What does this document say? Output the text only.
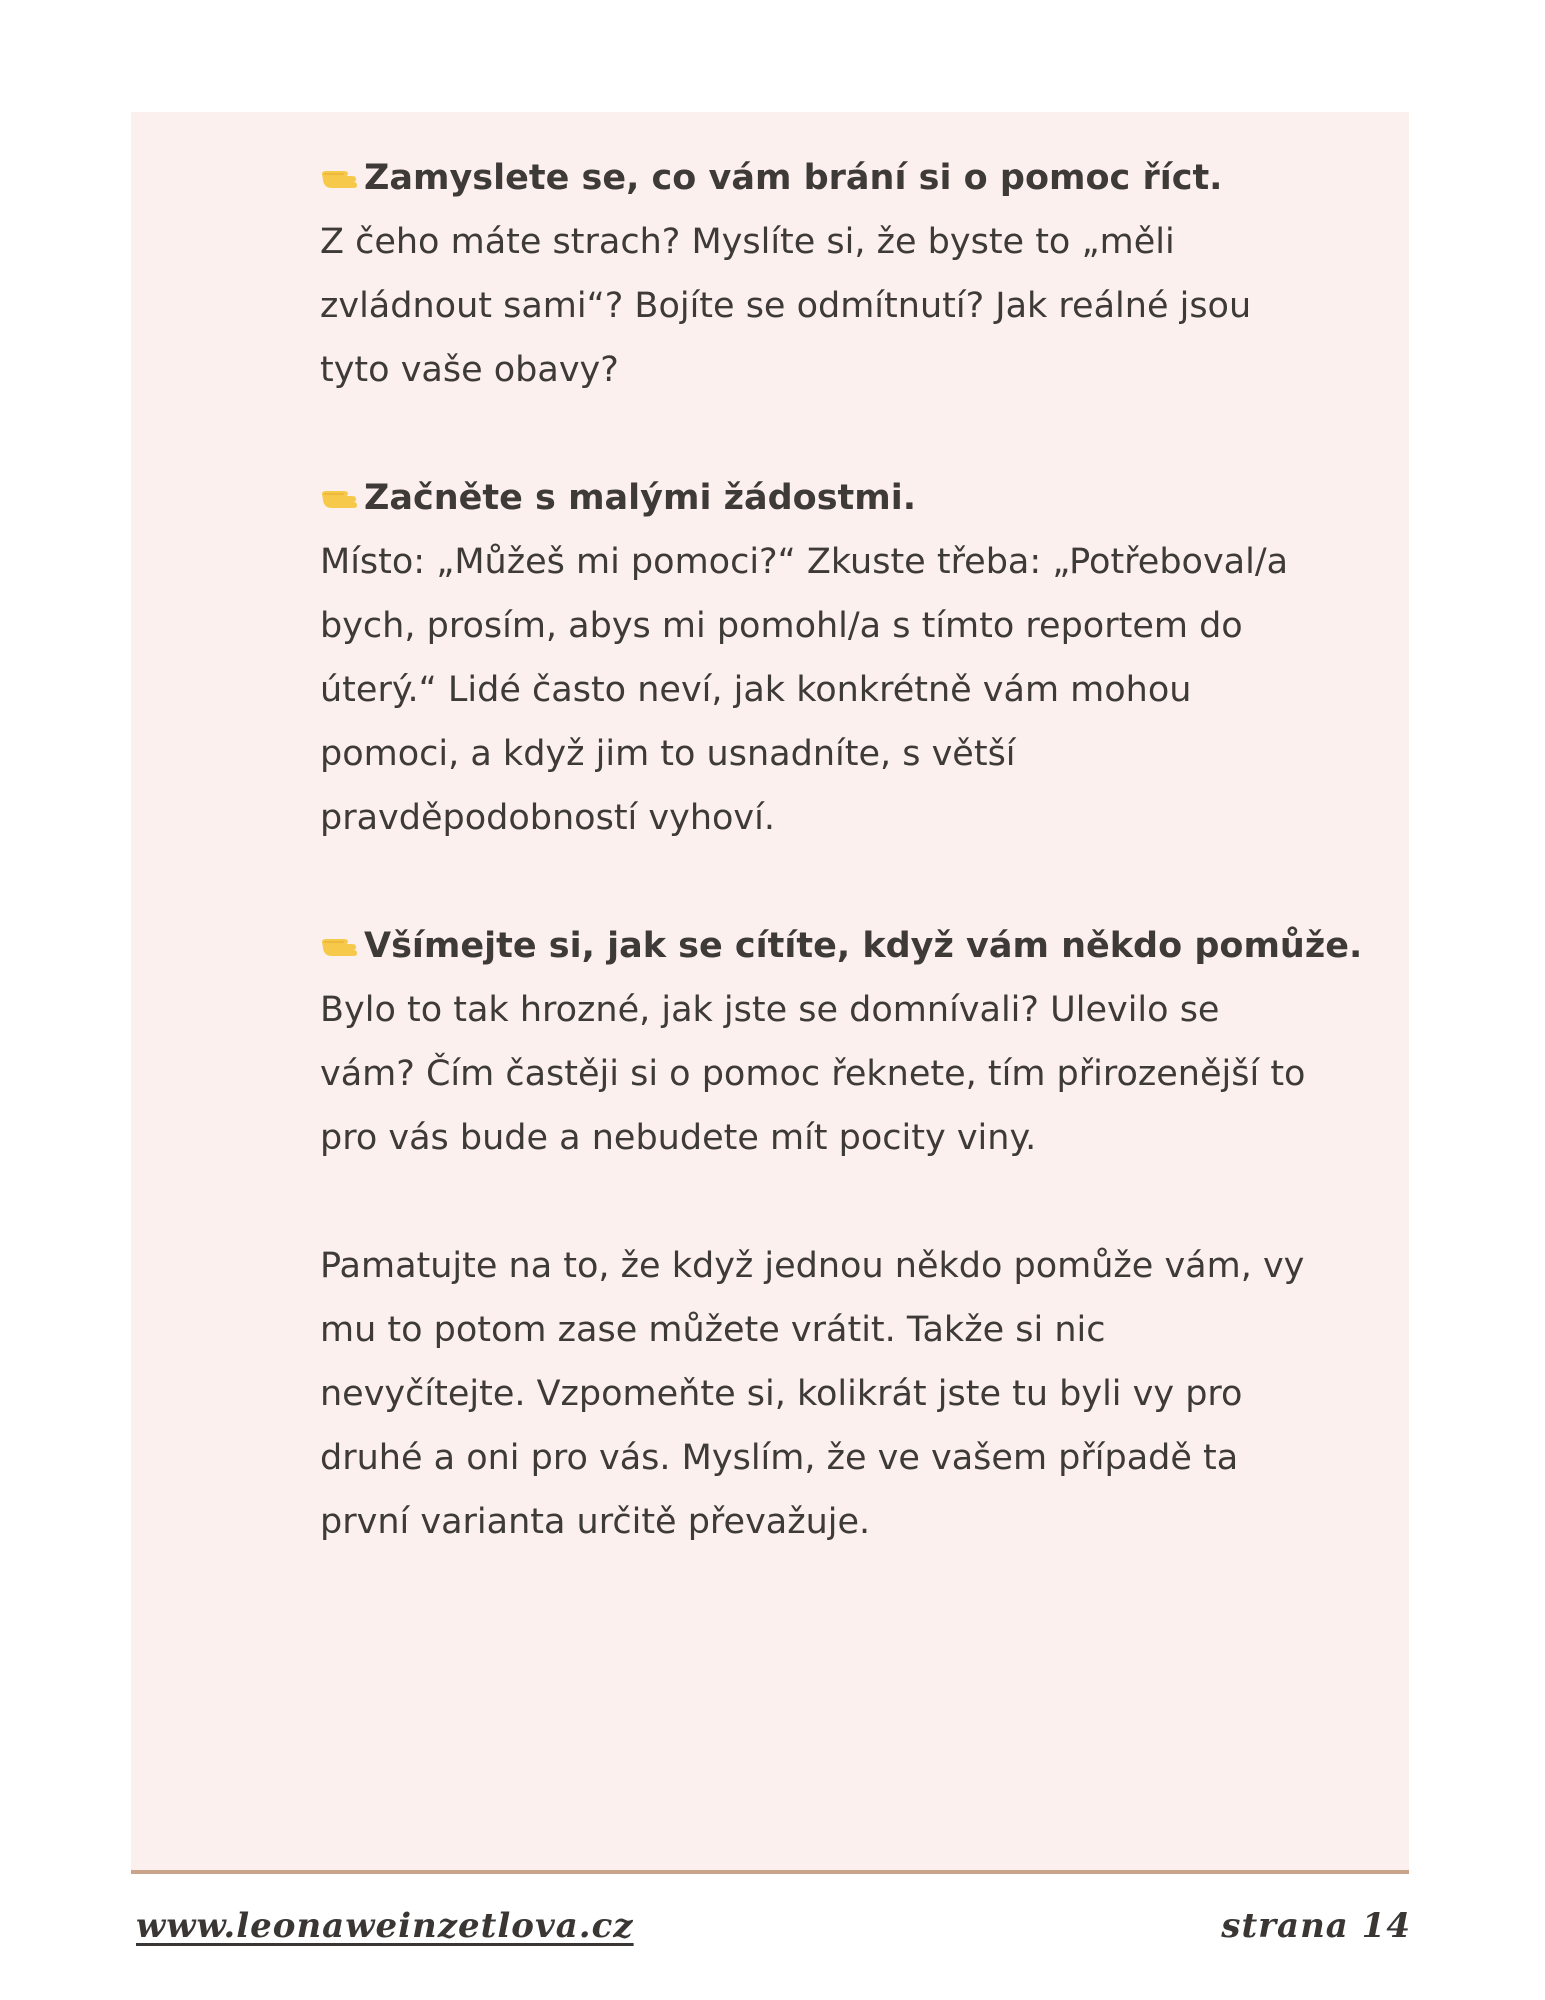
Zamyslete se, co vám brání si o pomoc říct.
Z čeho máte strach? Myslíte si, že byste to „měli zvládnout sami“? Bojíte se odmítnutí? Jak reálné jsou tyto vaše obavy?
Začněte s malými žádostmi.
Místo: „Můžeš mi pomoci?“ Zkuste třeba: „Potřeboval/a bych, prosím, abys mi pomohl/a s tímto reportem do úterý.“ Lidé často neví, jak konkrétně vám mohou pomoci, a když jim to usnadníte, s větší pravděpodobností vyhoví.
Všímejte si, jak se cítíte, když vám někdo pomůže.
Bylo to tak hrozné, jak jste se domnívali? Ulevilo se vám? Čím častěji si o pomoc řeknete, tím přirozenější to pro vás bude a nebudete mít pocity viny.
Pamatujte na to, že když jednou někdo pomůže vám, vy mu to potom zase můžete vrátit. Takže si nic nevyčítejte. Vzpomeňte si, kolikrát jste tu byli vy pro druhé a oni pro vás. Myslím, že ve vašem případě ta první varianta určitě převažuje.
www.leonaweinzetlova.cz	strana 14
